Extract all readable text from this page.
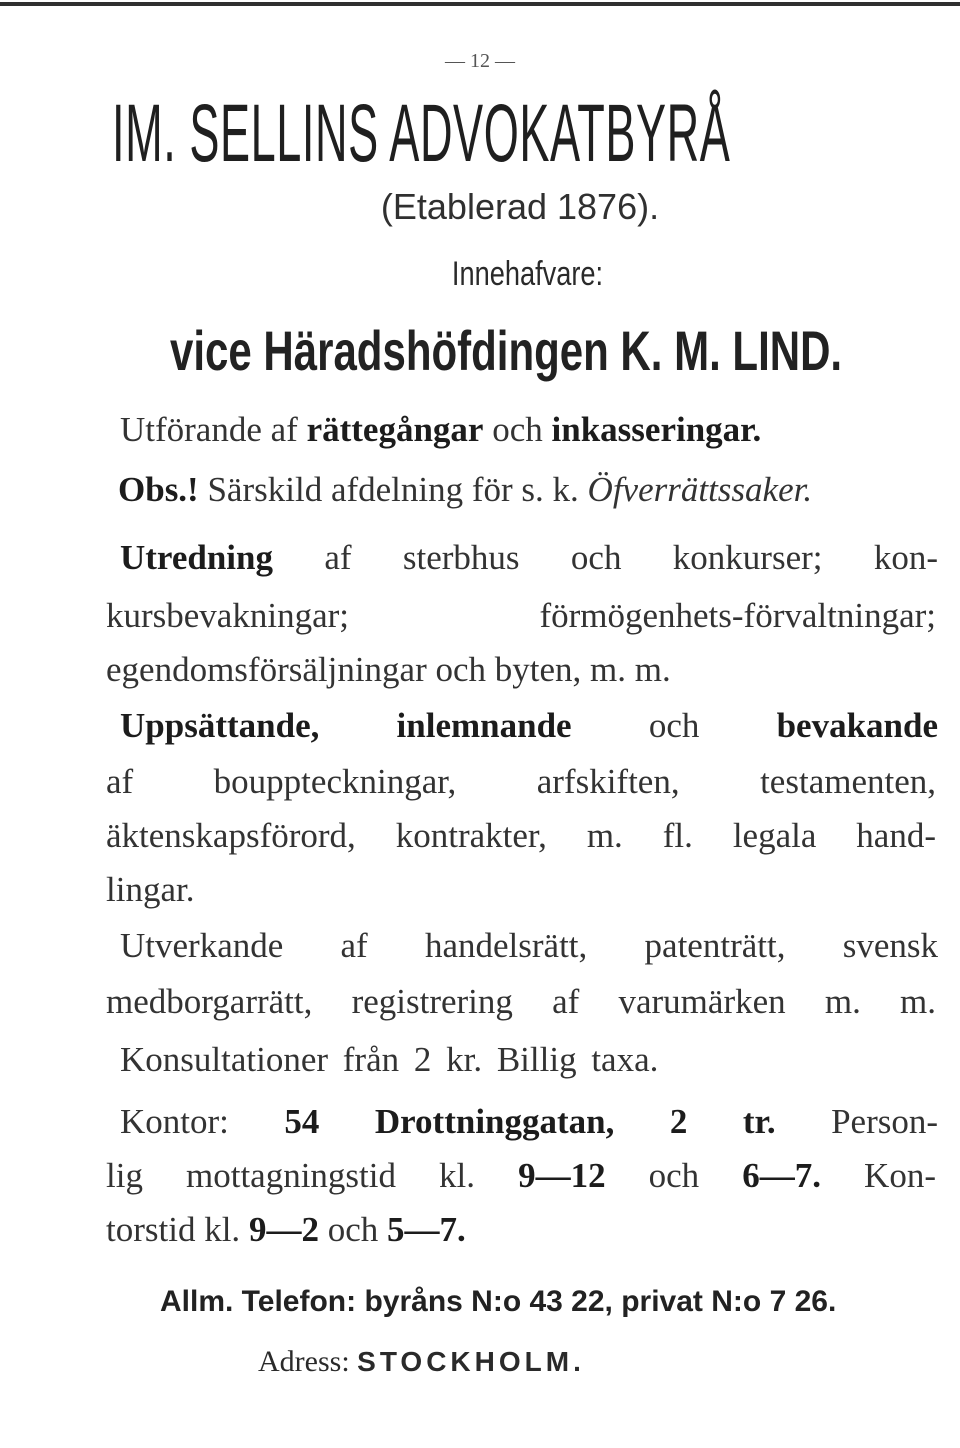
— 12 —
IM. SELLINS ADVOKATBYRÅ
(Etablerad 1876).
Innehafvare:
vice Häradshöfdingen K. M. LIND.
Utförande af rättegångar och inkasseringar.
Obs.! Särskild afdelning för s. k. Öfverrättssaker.
Utredning af sterbhus och konkurser; kon-
kursbevakningar; förmögenhets-förvaltningar;
egendomsförsäljningar och byten, m. m.
Uppsättande, inlemnande och bevakande
af bouppteckningar, arfskiften, testamenten,
äktenskapsförord, kontrakter, m. fl. legala hand-
lingar.
Utverkande af handelsrätt, patenträtt, svensk
medborgarrätt, registrering af varumärken m. m.
Konsultationer från 2 kr. Billig taxa.
Kontor: 54 Drottninggatan, 2 tr. Person-
lig mottagningstid kl. 9—12 och 6—7. Kon-
torstid kl. 9—2 och 5—7.
Allm. Telefon: byråns N:o 43 22, privat N:o 7 26.
Adress: STOCKHOLM.
